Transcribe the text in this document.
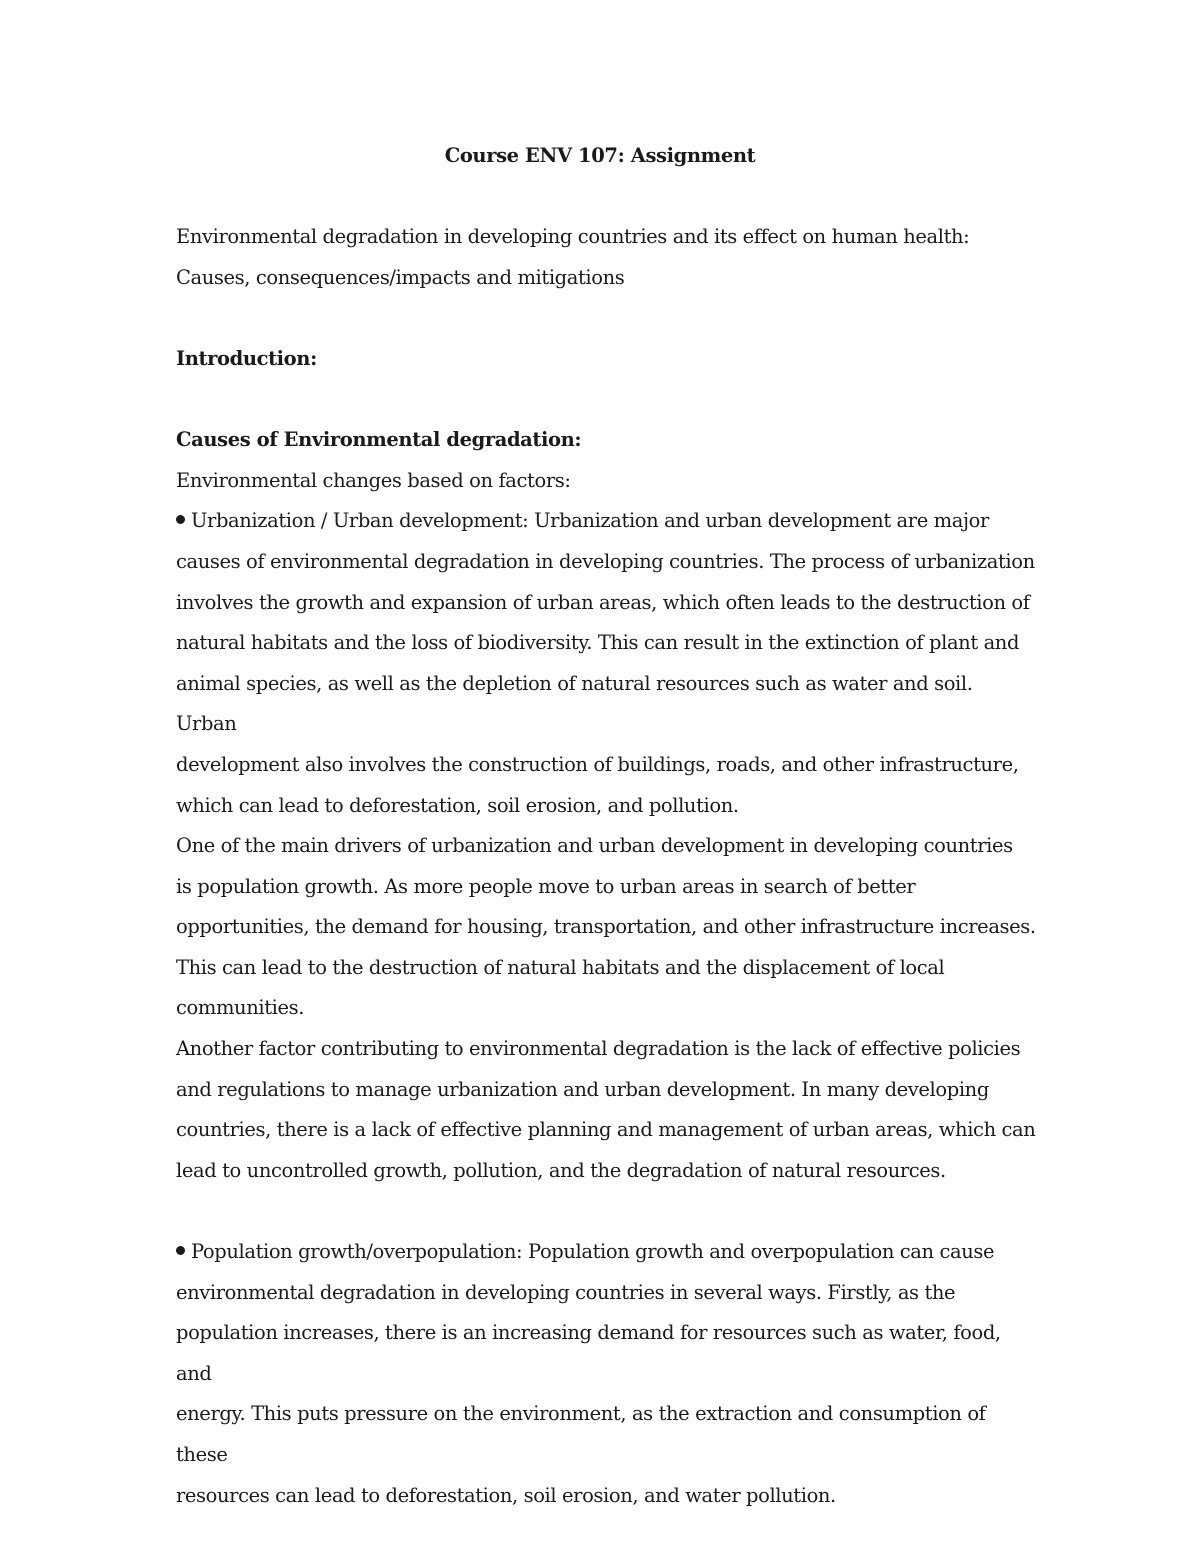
Course ENV 107: Assignment

Environmental degradation in developing countries and its effect on human health:

Causes, consequences/impacts and mitigations

Introduction:

Causes of Environmental degradation:

Environmental changes based on factors:

Urbanization / Urban development: Urbanization and urban development are major

causes of environmental degradation in developing countries. The process of urbanization

involves the growth and expansion of urban areas, which often leads to the destruction of

natural habitats and the loss of biodiversity. This can result in the extinction of plant and

animal species, as well as the depletion of natural resources such as water and soil. Urban

development also involves the construction of buildings, roads, and other infrastructure,

which can lead to deforestation, soil erosion, and pollution.

One of the main drivers of urbanization and urban development in developing countries

is population growth. As more people move to urban areas in search of better

opportunities, the demand for housing, transportation, and other infrastructure increases.

This can lead to the destruction of natural habitats and the displacement of local

communities.

Another factor contributing to environmental degradation is the lack of effective policies

and regulations to manage urbanization and urban development. In many developing

countries, there is a lack of effective planning and management of urban areas, which can

lead to uncontrolled growth, pollution, and the degradation of natural resources.

Population growth/overpopulation: Population growth and overpopulation can cause

environmental degradation in developing countries in several ways. Firstly, as the

population increases, there is an increasing demand for resources such as water, food, and

energy. This puts pressure on the environment, as the extraction and consumption of these

resources can lead to deforestation, soil erosion, and water pollution.
